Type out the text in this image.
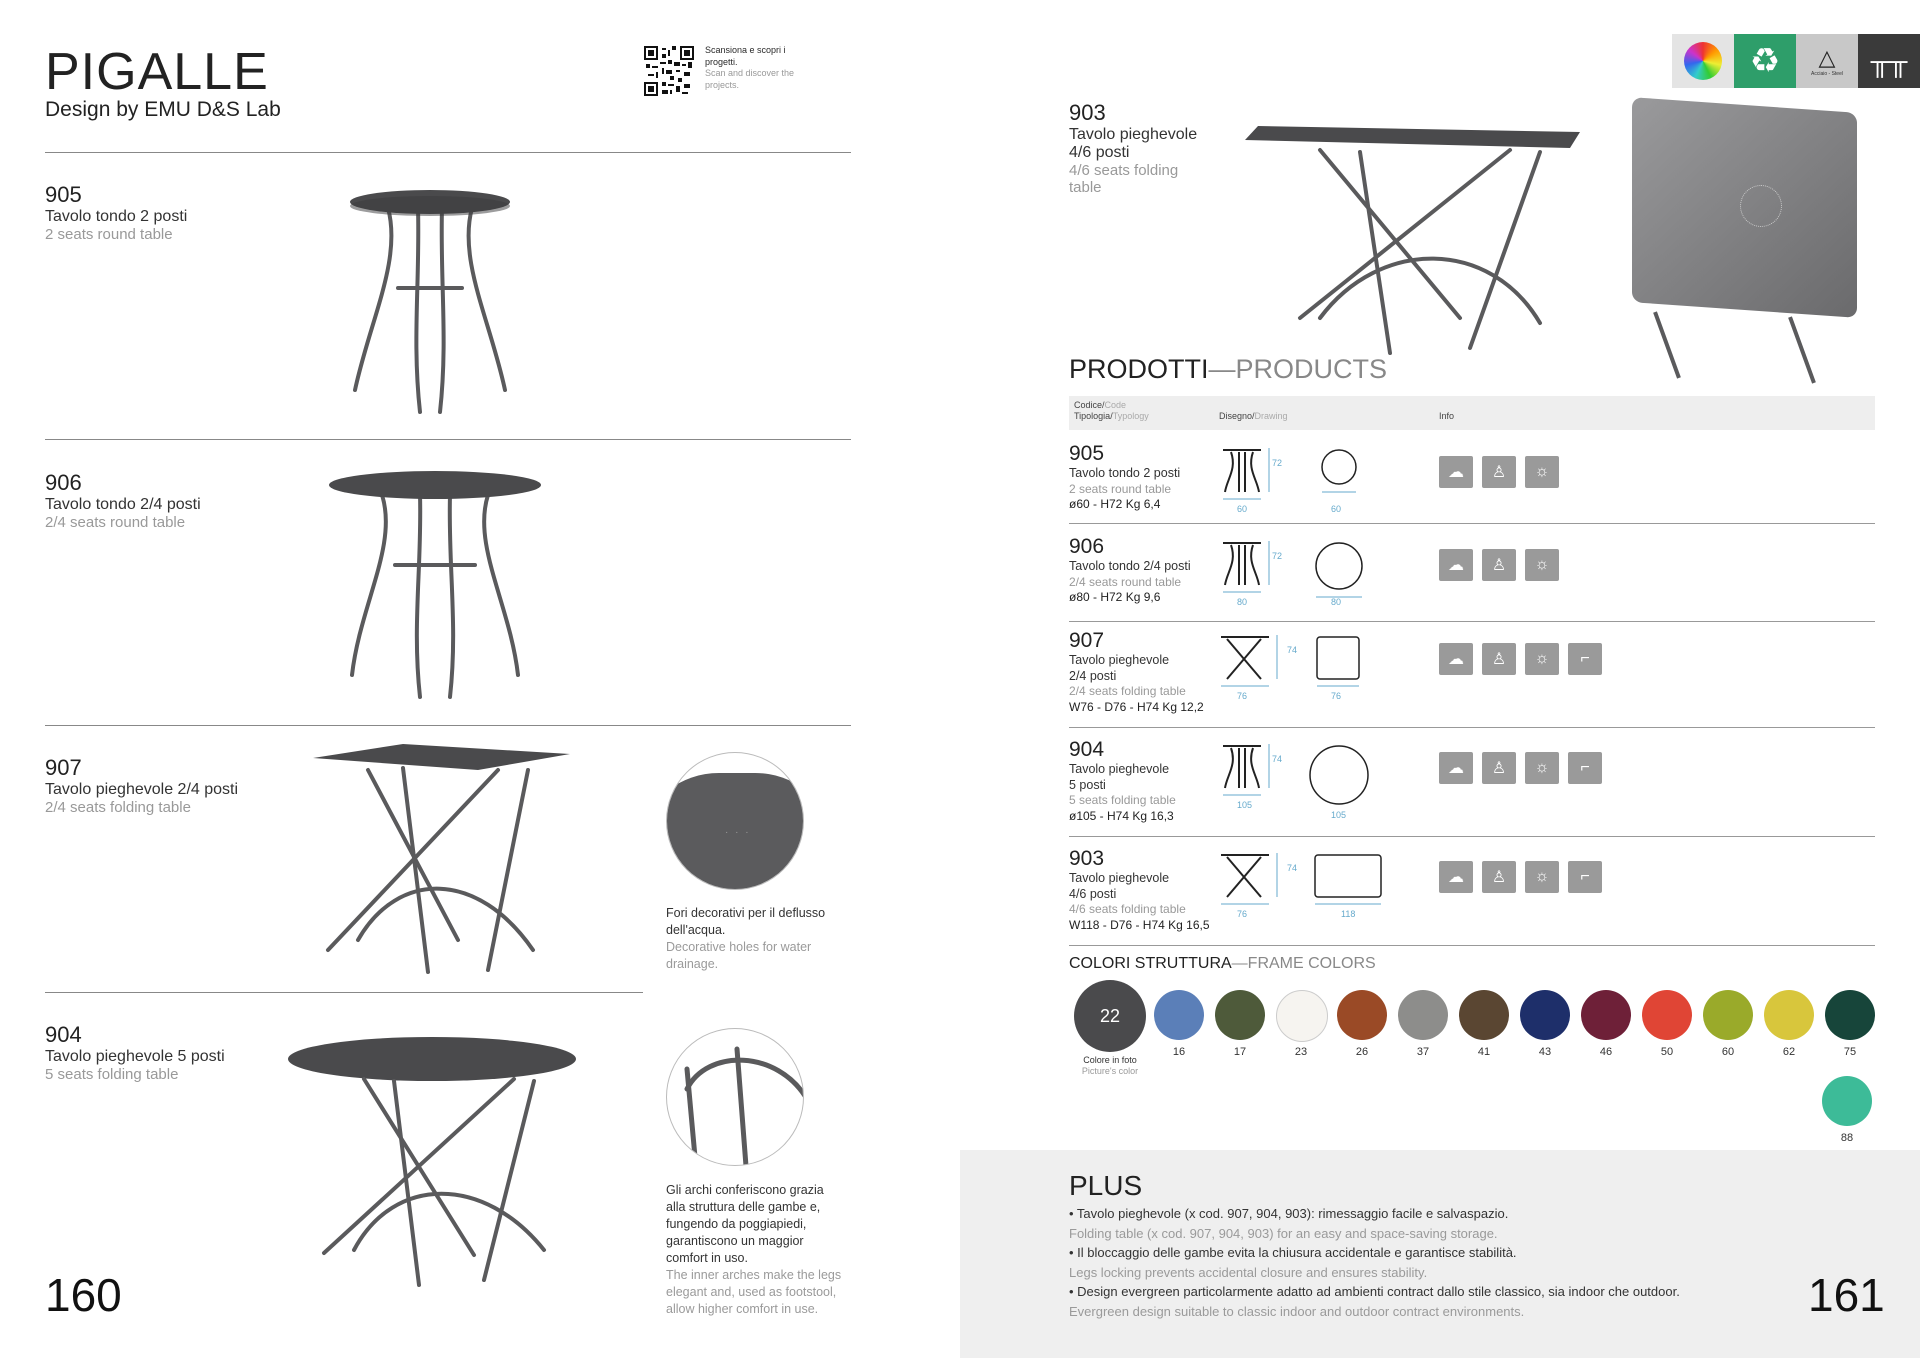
PIGALLE
Design by EMU D&S Lab
Scansiona e scopri i progetti.
Scan and discover the projects.
905
Tavolo tondo 2 posti
2 seats round table
906
Tavolo tondo 2/4 posti
2/4 seats round table
907
Tavolo pieghevole 2/4 posti
2/4 seats folding table
· · ·
Fori decorativi per il deflusso dell'acqua.
Decorative holes for water drainage.
904
Tavolo pieghevole 5 posti
5 seats folding table
Gli archi conferiscono grazia alla struttura delle gambe e, fungendo da poggiapiedi, garantiscono un maggior comfort in uso.
The inner arches make the legs elegant and, used as footstool, allow higher comfort in use.
160
♻ △
Acciaio - Steel ╥╥
903
Tavolo pieghevole 4/6 posti
4/6 seats folding table
PRODOTTI—PRODUCTS
Codice/Code
Tipologia/Typology	Disegno/Drawing	Info
905
Tavolo tondo 2 posti
2 seats round table
ø60 - H72 Kg 6,4
72
60	60
☁	♙	☼
906
Tavolo tondo 2/4 posti
2/4 seats round table
ø80 - H72 Kg 9,6
72
80	80
☁	♙	☼
907
Tavolo pieghevole
2/4 posti
2/4 seats folding table
W76 - D76 - H74 Kg 12,2
74
76	76
☁	♙	☼	⌐
904
Tavolo pieghevole
5 posti
5 seats folding table
ø105 - H74 Kg 16,3
74
105
105
☁	♙	☼	⌐
903
Tavolo pieghevole
4/6 posti
4/6 seats folding table
W118 - D76 - H74 Kg 16,5
74
76	118
☁	♙	☼	⌐
COLORI STRUTTURA—FRAME COLORS
22
Colore in foto
Picture's color
16	17	23	26	37	41	43	46	50	60	62	75
88
PLUS
• Tavolo pieghevole (x cod. 907, 904, 903): rimessaggio facile e salvaspazio.
Folding table (x cod. 907, 904, 903) for an easy and space-saving storage.
• Il bloccaggio delle gambe evita la chiusura accidentale e garantisce stabilità.
Legs locking prevents accidental closure and ensures stability.
• Design evergreen particolarmente adatto ad ambienti contract dallo stile classico, sia indoor che outdoor.
Evergreen design suitable to classic indoor and outdoor contract environments.	161
